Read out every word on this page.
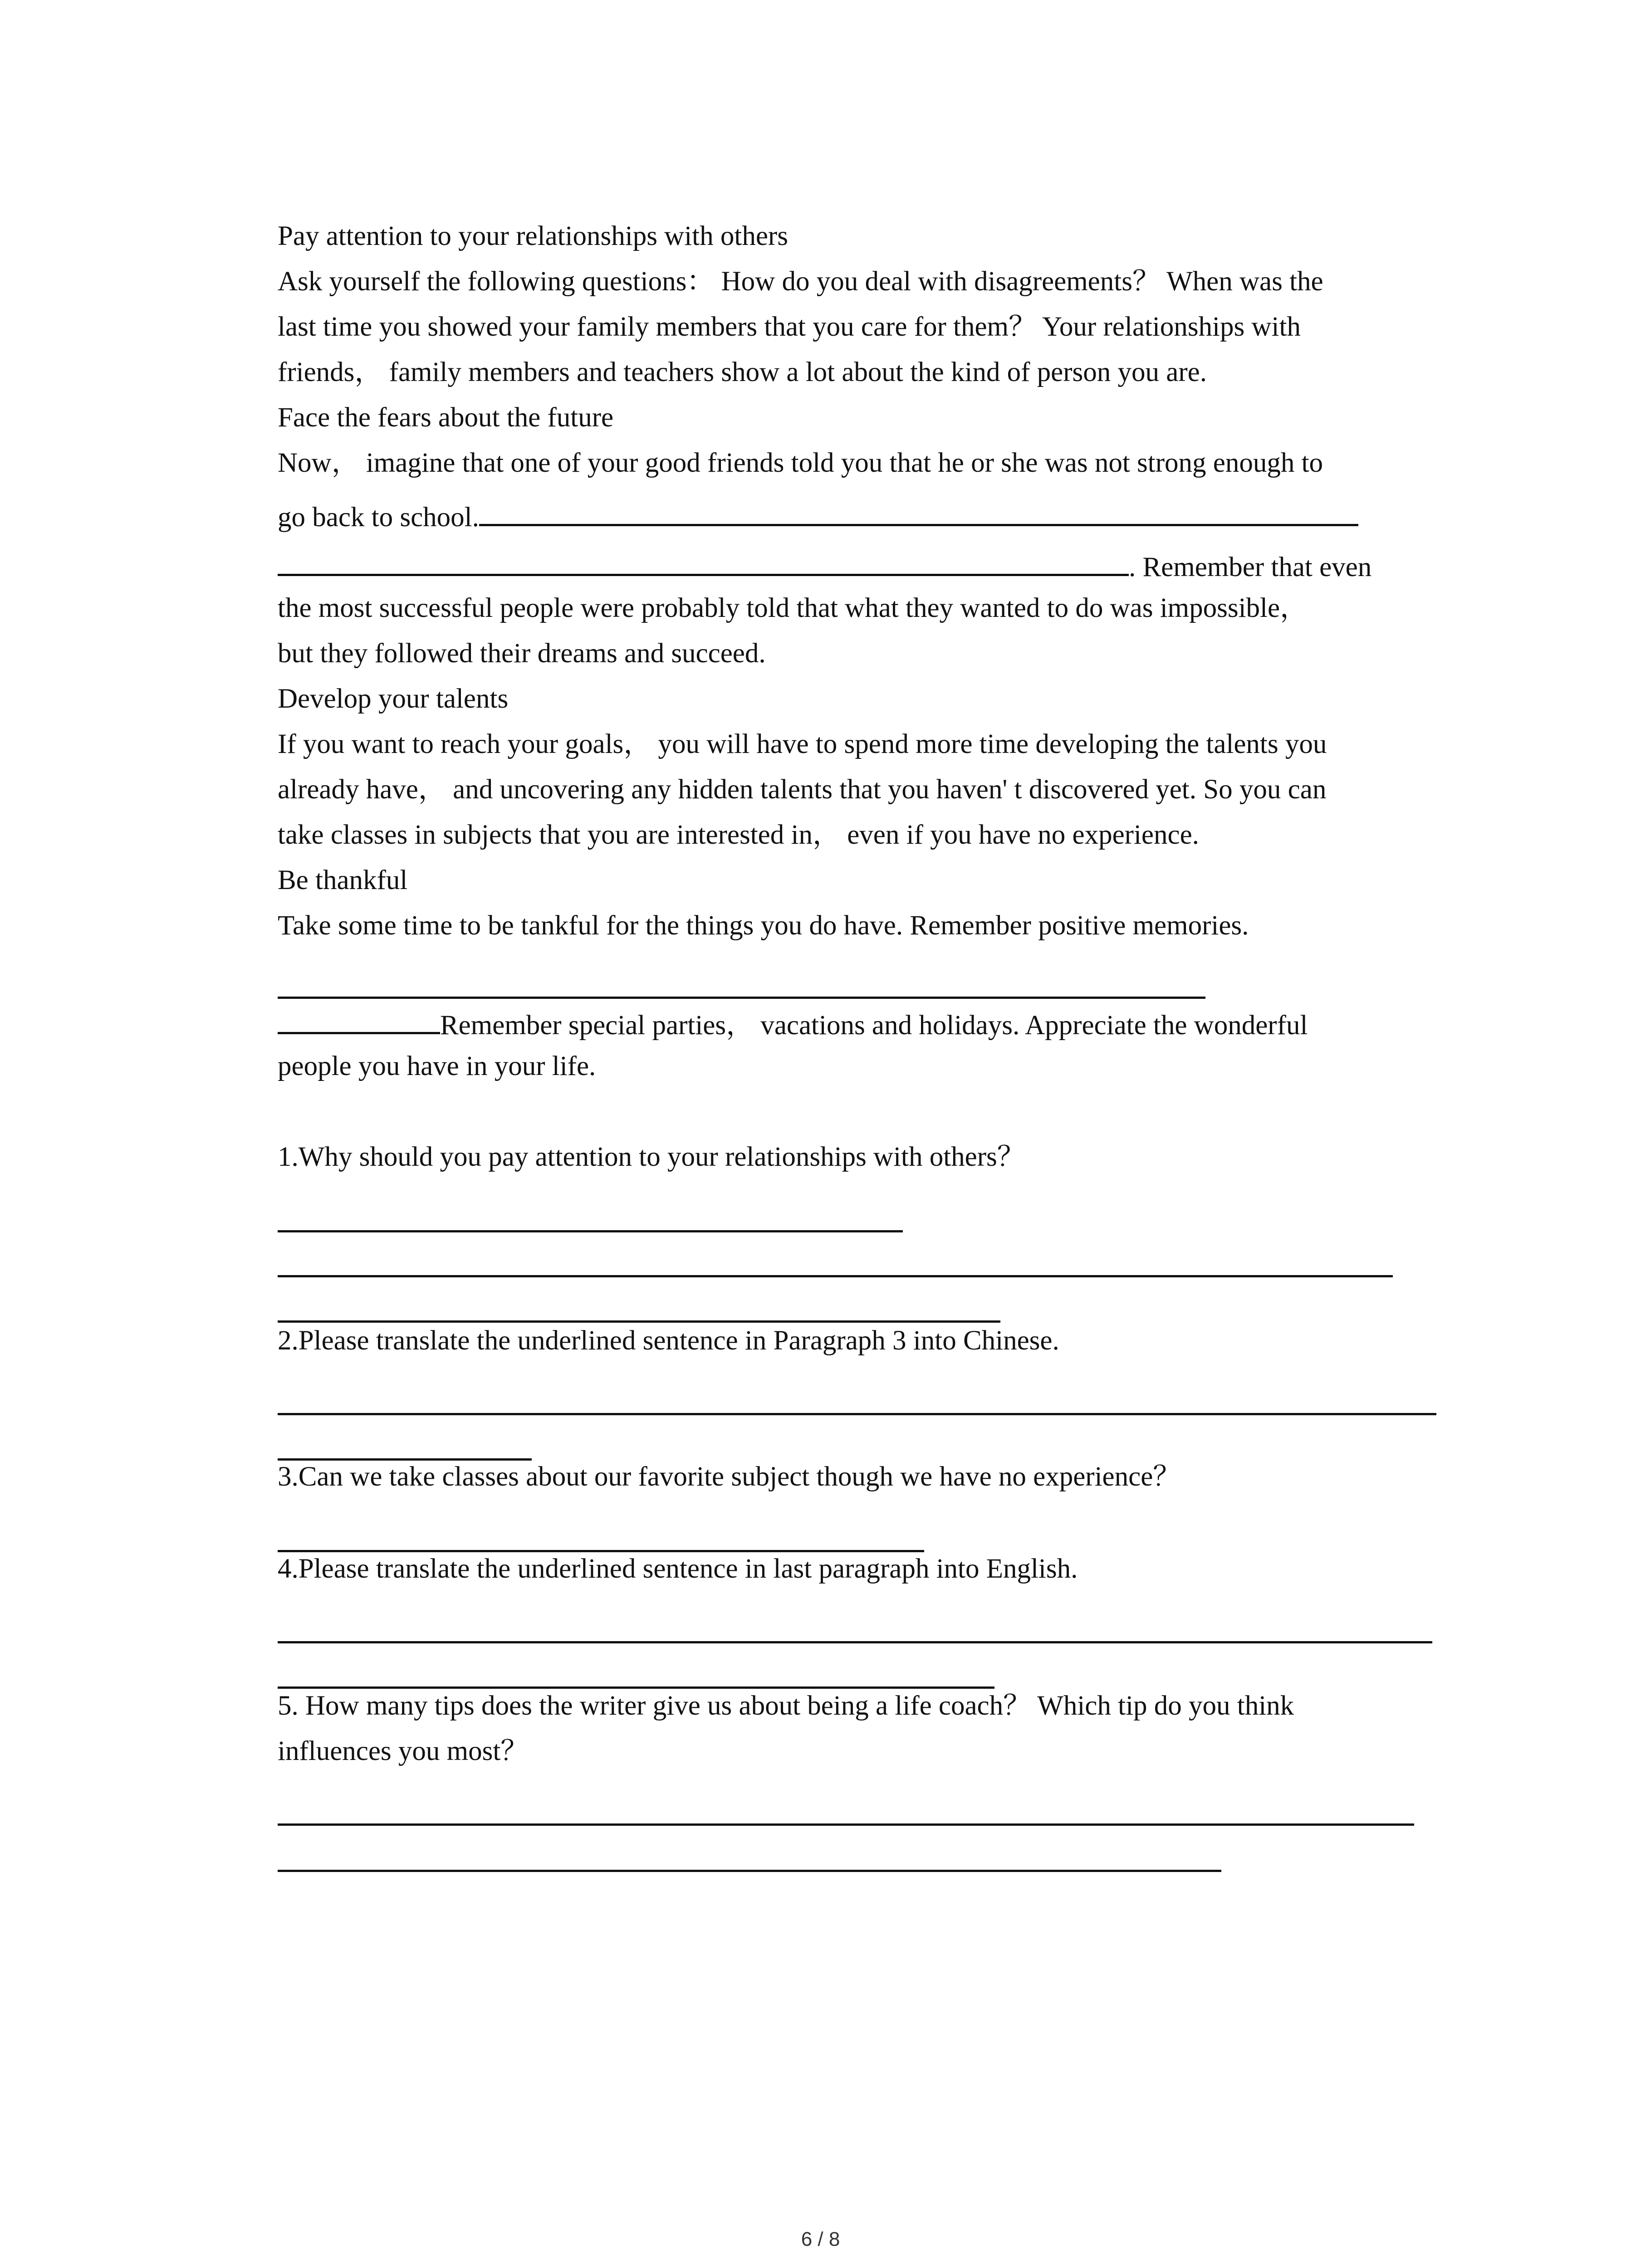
Pay attention to your relationships with others
Ask yourself the following questions： How do you deal with disagreements？ When was the
last time you showed your family members that you care for them？ Your relationships with
friends， family members and teachers show a lot about the kind of person you are.
Face the fears about the future
Now， imagine that one of your good friends told you that he or she was not strong enough to
go back to school.
. Remember that even
the most successful people were probably told that what they wanted to do was impossible，
but they followed their dreams and succeed.
Develop your talents
If you want to reach your goals， you will have to spend more time developing the talents you
already have， and uncovering any hidden talents that you haven' t discovered yet. So you can
take classes in subjects that you are interested in， even if you have no experience.
Be thankful
Take some time to be tankful for the things you do have. Remember positive memories.
Remember special parties， vacations and holidays. Appreciate the wonderful
people you have in your life.
1.Why should you pay attention to your relationships with others？
2.Please translate the underlined sentence in Paragraph 3 into Chinese.
3.Can we take classes about our favorite subject though we have no experience？
4.Please translate the underlined sentence in last paragraph into English.
5. How many tips does the writer give us about being a life coach？ Which tip do you think
influences you most？
6 / 8
